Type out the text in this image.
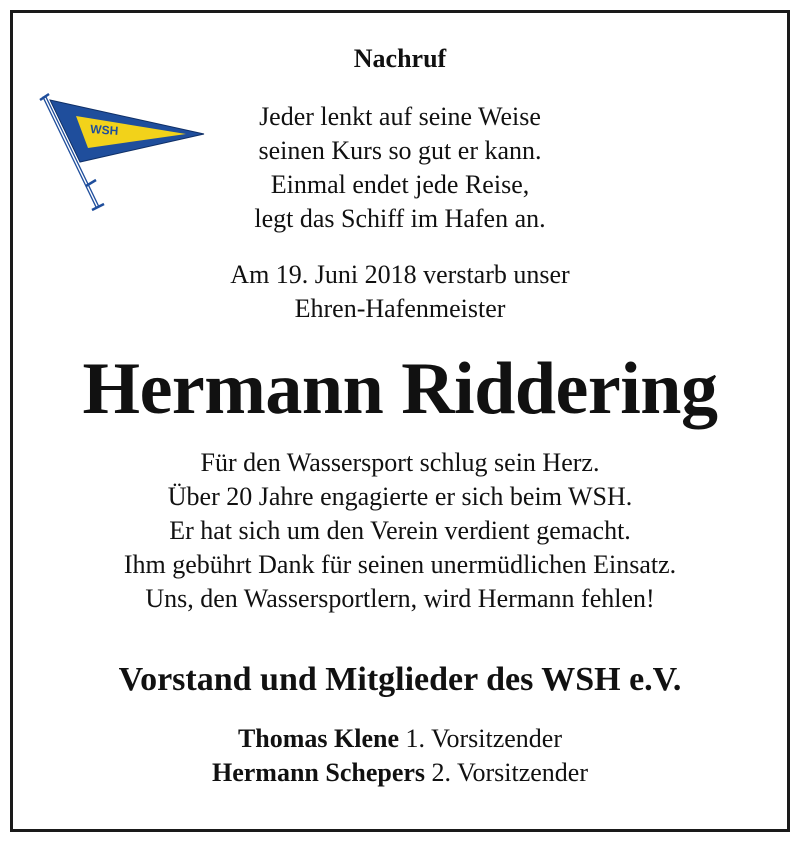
WSH
Nachruf
Jeder lenkt auf seine Weise
seinen Kurs so gut er kann.
Einmal endet jede Reise,
legt das Schiff im Hafen an.
Am 19. Juni 2018 verstarb unser
Ehren-Hafenmeister
Hermann Riddering
Für den Wassersport schlug sein Herz.
Über 20 Jahre engagierte er sich beim WSH.
Er hat sich um den Verein verdient gemacht.
Ihm gebührt Dank für seinen unermüdlichen Einsatz.
Uns, den Wassersportlern, wird Hermann fehlen!
Vorstand und Mitglieder des WSH e.V.
Thomas Klene 1. Vorsitzender
Hermann Schepers 2. Vorsitzender
